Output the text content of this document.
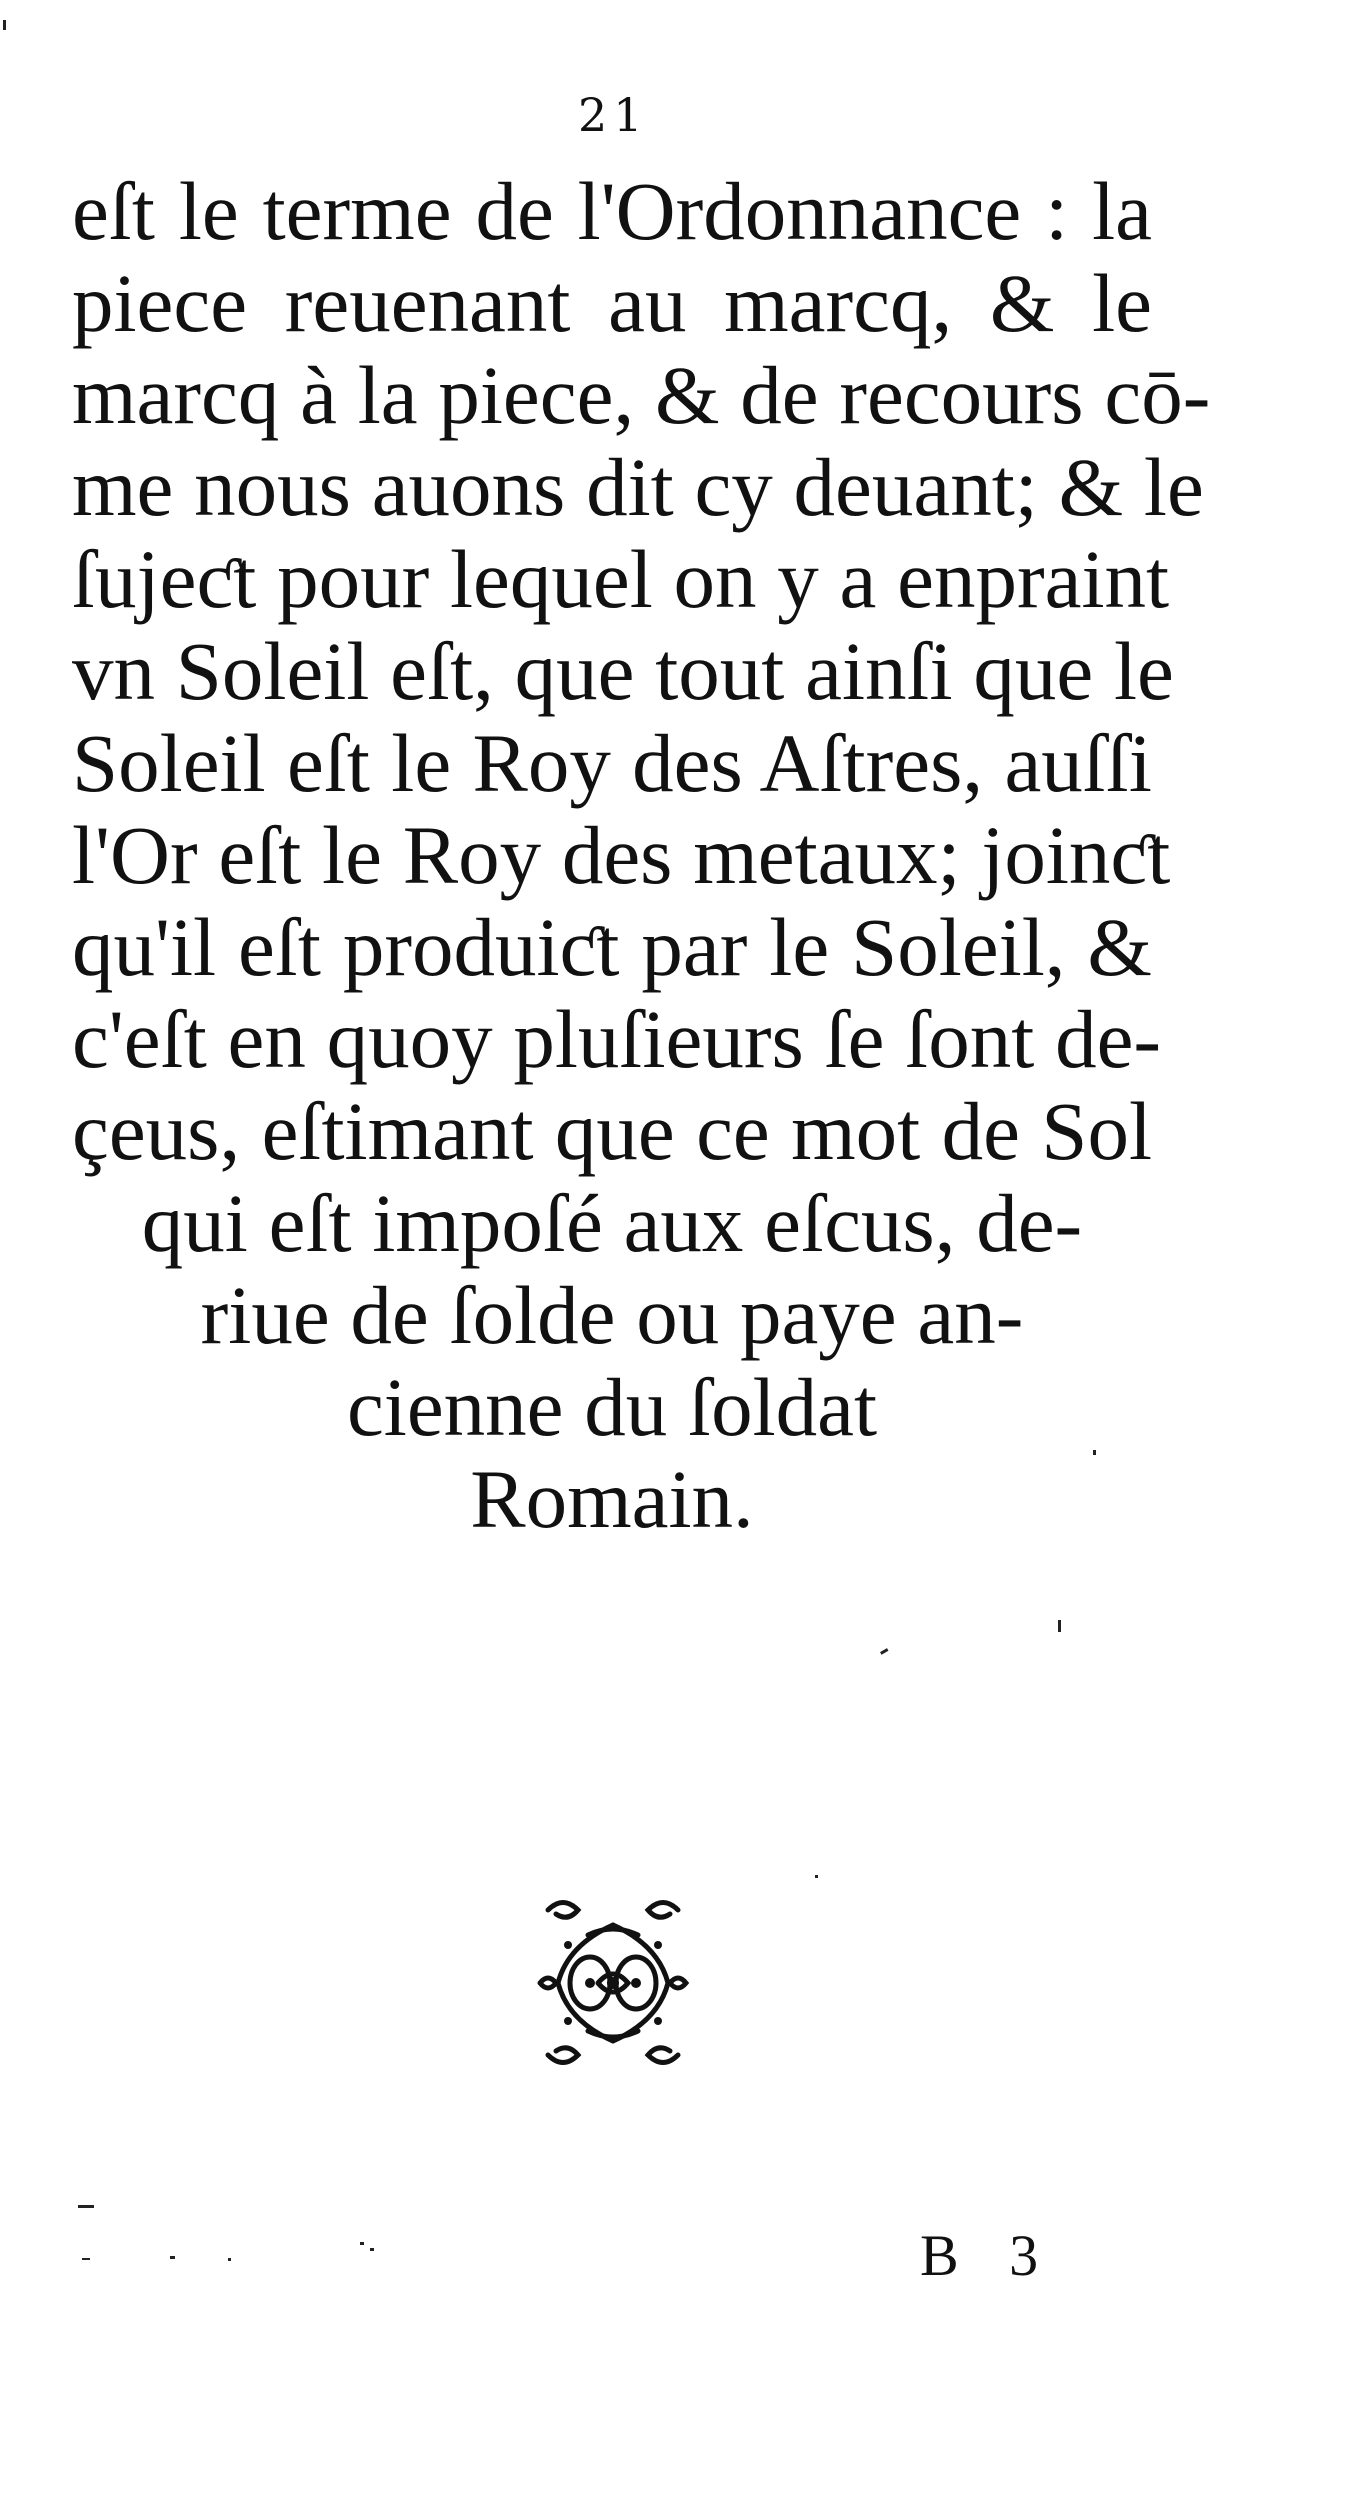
21
eſt le terme de l'Ordonnance : la
piece reuenant au marcq, & le
marcq à la piece, & de recours cō-
me nous auons dit cy deuant; & le
ſujeƈt pour lequel on y a enpraint
vn Soleil eſt, que tout ainſi que le
Soleil eſt le Roy des Aſtres, auſſi
l'Or eſt le Roy des metaux; joinƈt
qu'il eſt produiƈt par le Soleil, &
c'eſt en quoy pluſieurs ſe ſont de-
çeus, eſtimant que ce mot de Sol
qui eſt impoſé aux eſcus, de-
riue de ſolde ou paye an-
cienne du ſoldat
Romain.
B 3
